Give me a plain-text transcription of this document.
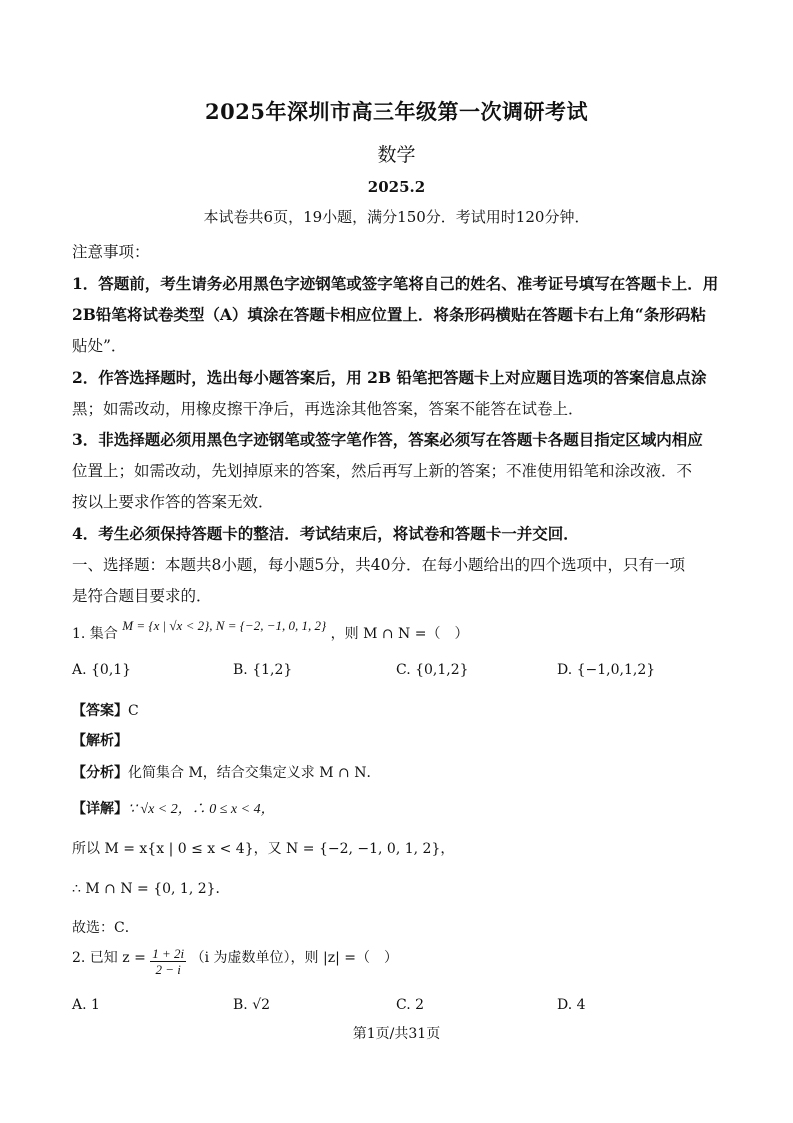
2025年深圳市高三年级第一次调研考试
数学
2025.2
本试卷共6页，19小题，满分150分．考试用时120分钟．
注意事项：
1．答题前，考生请务必用黑色字迹钢笔或签字笔将自己的姓名、准考证号填写在答题卡上．用
2B铅笔将试卷类型（A）填涂在答题卡相应位置上．将条形码横贴在答题卡右上角“条形码粘
贴处”．
2．作答选择题时，选出每小题答案后，用 2B 铅笔把答题卡上对应题目选项的答案信息点涂
黑；如需改动，用橡皮擦干净后，再选涂其他答案，答案不能答在试卷上．
3．非选择题必须用黑色字迹钢笔或签字笔作答，答案必须写在答题卡各题目指定区域内相应
位置上；如需改动，先划掉原来的答案，然后再写上新的答案；不准使用铅笔和涂改液．不
按以上要求作答的答案无效．
4．考生必须保持答题卡的整洁．考试结束后，将试卷和答题卡一并交回．
一、选择题：本题共8小题，每小题5分，共40分．在每小题给出的四个选项中，只有一项
是符合题目要求的．
1. 集合 M = {x | √x < 2}, N = {−2, −1, 0, 1, 2} ，则 M ∩ N =（　）
A. {0,1}	B. {1,2}	C. {0,1,2}	D. {−1,0,1,2}
【答案】C
【解析】
【分析】化简集合 M，结合交集定义求 M ∩ N．
【详解】∵ √x < 2，∴ 0 ≤ x < 4，
所以 M = x{x | 0 ≤ x < 4}，又 N = {−2, −1, 0, 1, 2}，
∴ M ∩ N = {0, 1, 2}．
故选：C．
2. 已知 $z = \frac{1 + 2i}{2 - i} (i$ 为虚数单位），则 |z| =（　）
A. 1	B. √2	C. 2	D. 4
第1页/共31页
